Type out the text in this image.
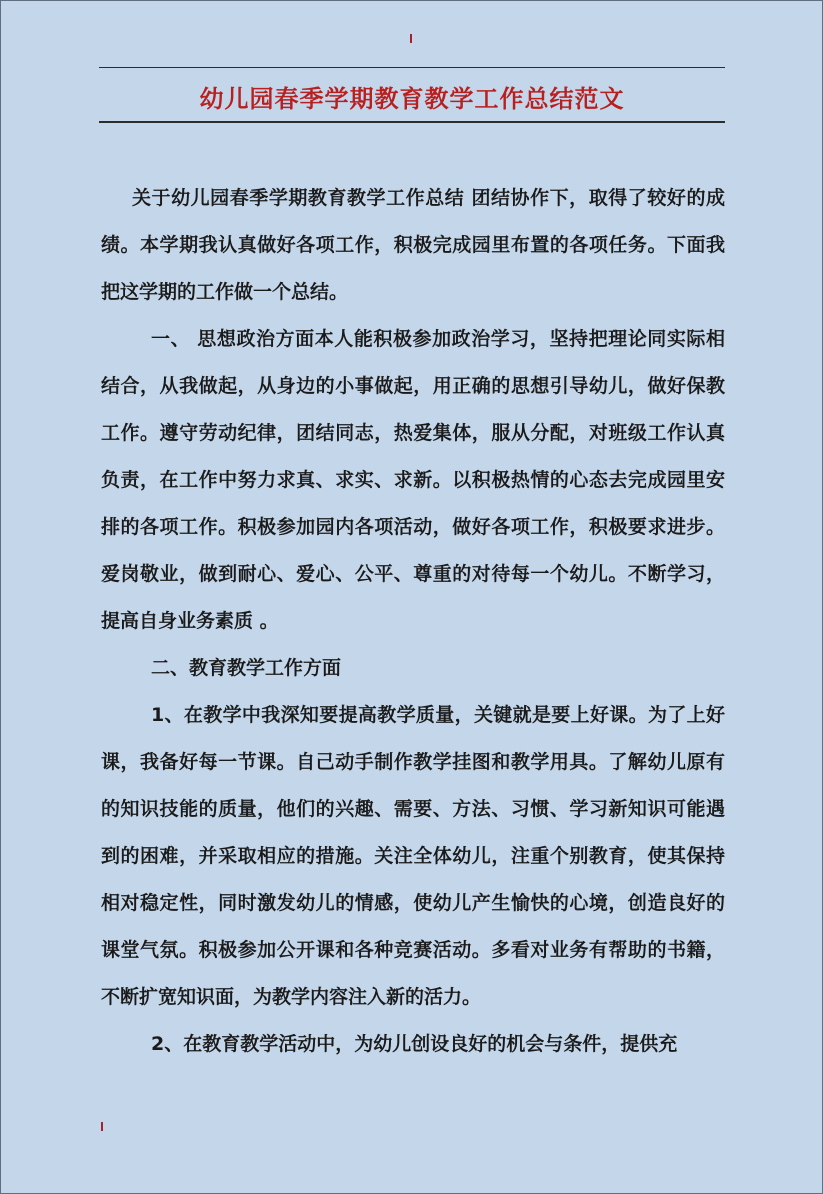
幼儿园春季学期教育教学工作总结范文

关于幼儿园春季学期教育教学工作总结 团结协作下，取得了较好的成绩。本学期我认真做好各项工作，积极完成园里布置的各项任务。下面我把这学期的工作做一个总结。

一、 思想政治方面本人能积极参加政治学习，坚持把理论同实际相结合，从我做起，从身边的小事做起，用正确的思想引导幼儿，做好保教工作。遵守劳动纪律，团结同志，热爱集体，服从分配，对班级工作认真负责，在工作中努力求真、求实、求新。以积极热情的心态去完成园里安排的各项工作。积极参加园内各项活动，做好各项工作，积极要求进步。爱岗敬业，做到耐心、爱心、公平、尊重的对待每一个幼儿。不断学习，提高自身业务素质 。

二、教育教学工作方面

1、在教学中我深知要提高教学质量，关键就是要上好课。为了上好课，我备好每一节课。自己动手制作教学挂图和教学用具。了解幼儿原有的知识技能的质量，他们的兴趣、需要、方法、习惯、学习新知识可能遇到的困难，并采取相应的措施。关注全体幼儿，注重个别教育，使其保持相对稳定性，同时激发幼儿的情感，使幼儿产生愉快的心境，创造良好的课堂气氛。积极参加公开课和各种竞赛活动。多看对业务有帮助的书籍，不断扩宽知识面，为教学内容注入新的活力。

2、在教育教学活动中，为幼儿创设良好的机会与条件，提供充
